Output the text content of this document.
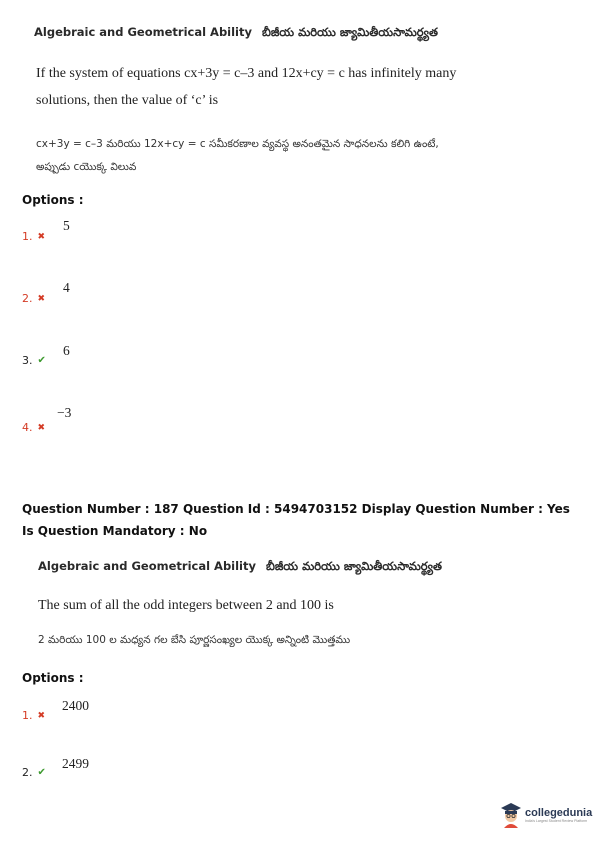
Algebraic and Geometrical Ability బీజీయ మరియు జ్యామితీయసామర్థ్యత
If the system of equations cx+3y = c–3 and 12x+cy = c has infinitely many
solutions, then the value of ‘c’ is
cx+3y = c–3 మరియు 12x+cy = c సమీకరణాల వ్యవస్థ అనంతమైన సాధనలను కలిగి ఉంటే,
అప్పుడు cయొక్క విలువ
Options :
1. ✖
5
2. ✖
4
3. ✔
6
4. ✖
−3
Question Number : 187 Question Id : 5494703152 Display Question Number : Yes Is Question Mandatory : No
Algebraic and Geometrical Ability బీజీయ మరియు జ్యామితీయసామర్థ్యత
The sum of all the odd integers between 2 and 100 is
2 మరియు 100 ల మధ్యన గల బేసి పూర్ణసంఖ్యల యొక్క అన్నింటి మొత్తము
Options :
1. ✖
2400
2. ✔
2499
collegedunia
India's Largest Student Review Platform
